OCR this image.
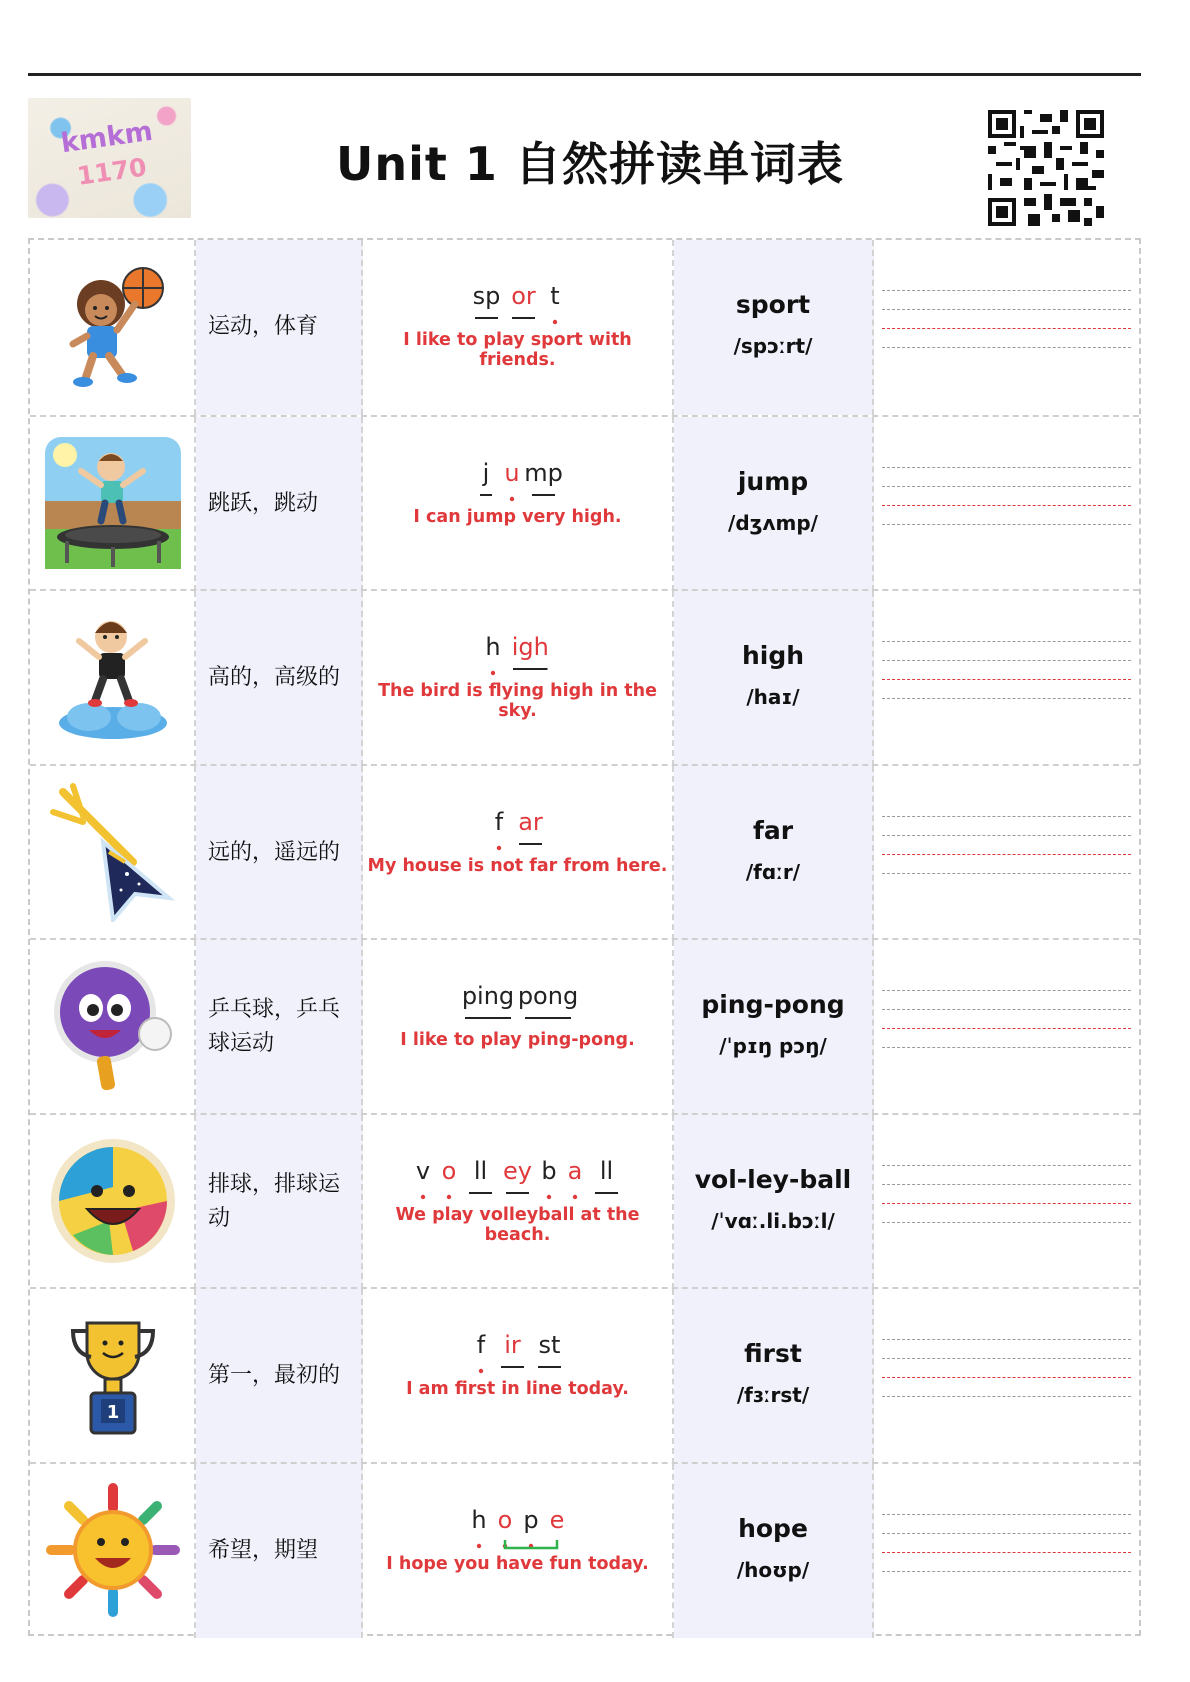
kmkm
1170	Unit 1 自然拼读单词表
运动，体育
sp or t
I like to play sport with friends.
sport
/spɔːrt/
跳跃，跳动
j u mp
I can jump very high.
jump
/dʒʌmp/
高的，高级的
h igh
The bird is flying high in the sky.
high
/haɪ/
远的，遥远的
f ar
My house is not far from here.
far
/fɑːr/
乒乓球，乒乓球运动
ping pong
I like to play ping-pong.
ping-pong
/ˈpɪŋ pɔŋ/
排球，排球运动
v o ll ey b a ll
We play volleyball at the beach.
vol-ley-ball
/ˈvɑː.li.bɔːl/
1
第一，最初的
f ir st
I am first in line today.
first
/fɜːrst/
希望，期望
h o p e
I hope you have fun today.
hope
/hoʊp/
